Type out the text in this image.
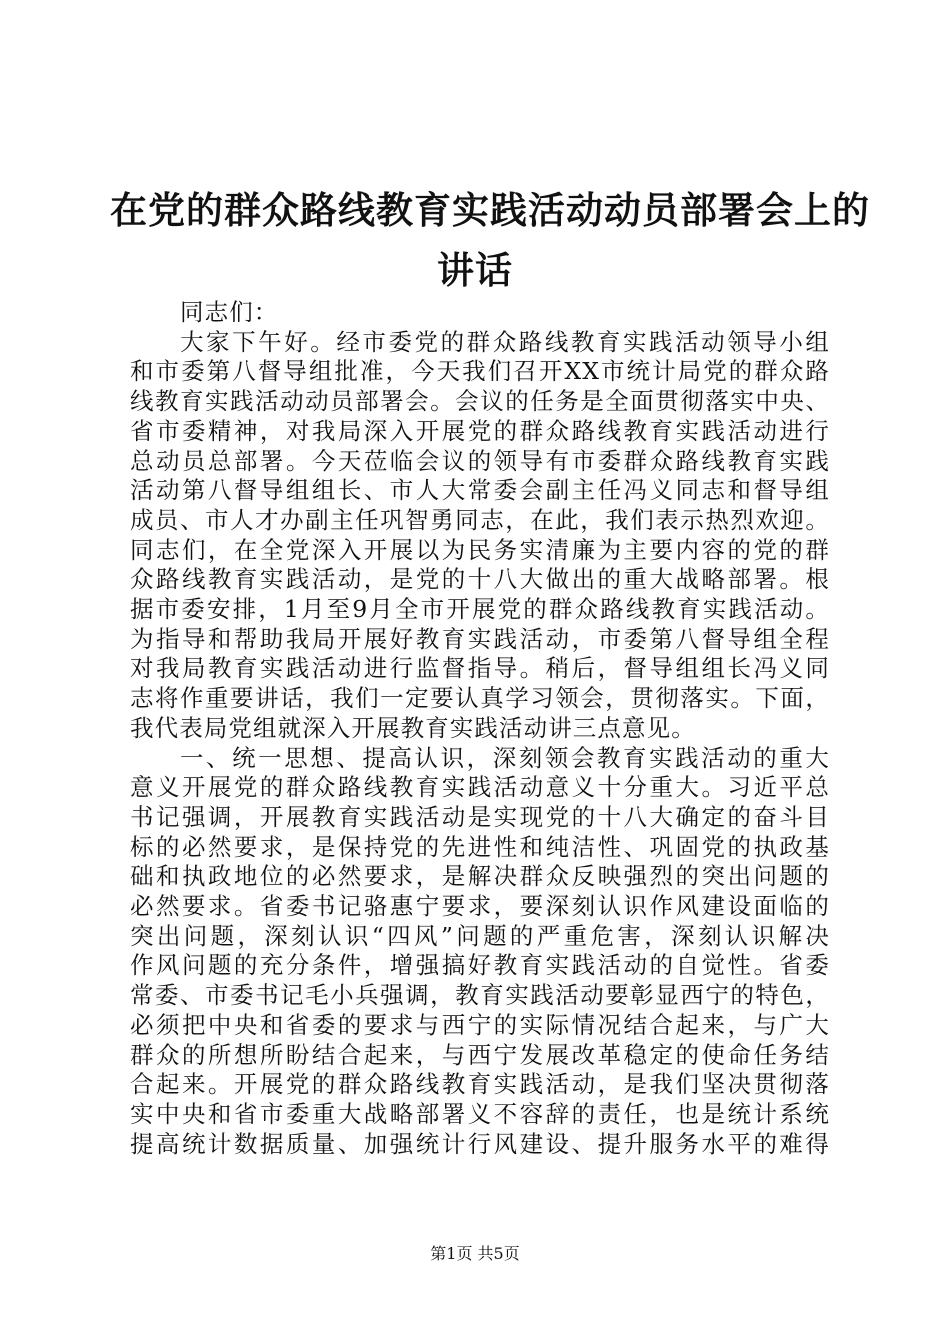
在党的群众路线教育实践活动动员部署会上的
讲话
同志们：
大家下午好。经市委党的群众路线教育实践活动领导小组
和市委第八督导组批准，今天我们召开XX市统计局党的群众路
线教育实践活动动员部署会。会议的任务是全面贯彻落实中央、
省市委精神，对我局深入开展党的群众路线教育实践活动进行
总动员总部署。今天莅临会议的领导有市委群众路线教育实践
活动第八督导组组长、市人大常委会副主任冯义同志和督导组
成员、市人才办副主任巩智勇同志，在此，我们表示热烈欢迎。
同志们，在全党深入开展以为民务实清廉为主要内容的党的群
众路线教育实践活动，是党的十八大做出的重大战略部署。根
据市委安排，1月至9月全市开展党的群众路线教育实践活动。
为指导和帮助我局开展好教育实践活动，市委第八督导组全程
对我局教育实践活动进行监督指导。稍后，督导组组长冯义同
志将作重要讲话，我们一定要认真学习领会，贯彻落实。下面，
我代表局党组就深入开展教育实践活动讲三点意见。
一、统一思想、提高认识，深刻领会教育实践活动的重大
意义开展党的群众路线教育实践活动意义十分重大。习近平总
书记强调，开展教育实践活动是实现党的十八大确定的奋斗目
标的必然要求，是保持党的先进性和纯洁性、巩固党的执政基
础和执政地位的必然要求，是解决群众反映强烈的突出问题的
必然要求。省委书记骆惠宁要求，要深刻认识作风建设面临的
突出问题，深刻认识“四风”问题的严重危害，深刻认识解决
作风问题的充分条件，增强搞好教育实践活动的自觉性。省委
常委、市委书记毛小兵强调，教育实践活动要彰显西宁的特色，
必须把中央和省委的要求与西宁的实际情况结合起来，与广大
群众的所想所盼结合起来，与西宁发展改革稳定的使命任务结
合起来。开展党的群众路线教育实践活动，是我们坚决贯彻落
实中央和省市委重大战略部署义不容辞的责任，也是统计系统
提高统计数据质量、加强统计行风建设、提升服务水平的难得
第1页 共5页
